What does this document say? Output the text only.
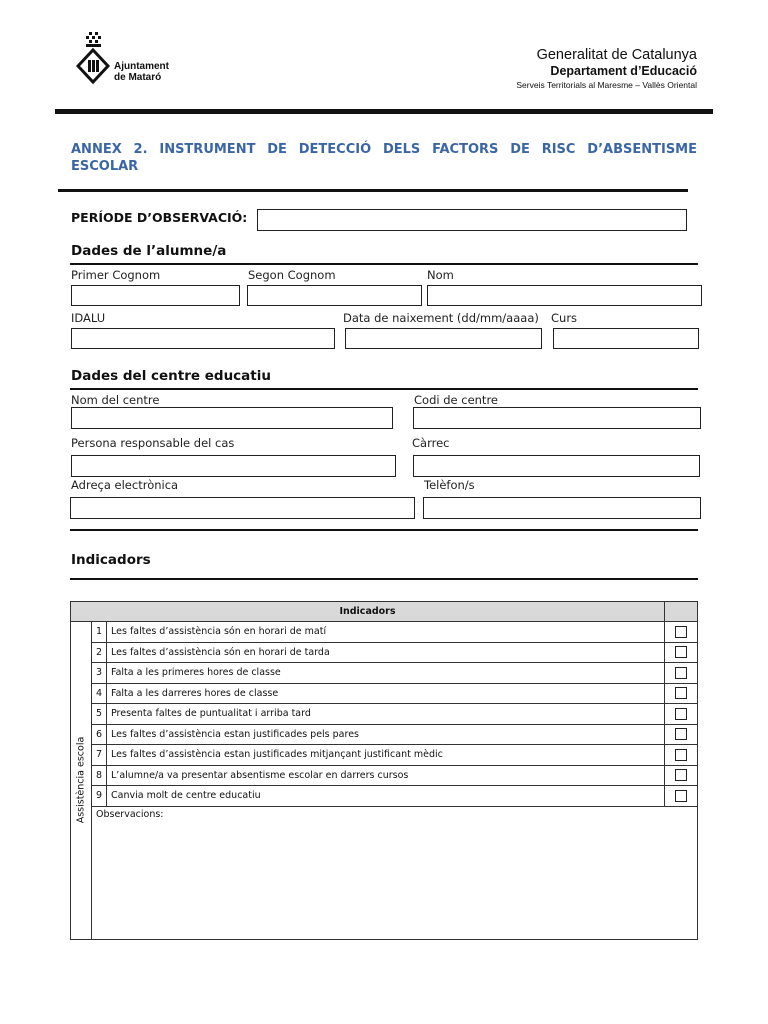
Ajuntament
de Mataró
Generalitat de Catalunya
Departament d’Educació
Serveis Territorials al Maresme – Vallès Oriental
ANNEX 2. INSTRUMENT DE DETECCIÓ DELS FACTORS DE RISC D’ABSENTISME ESCOLAR
PERÍODE D’OBSERVACIÓ:
Dades de l’alumne/a
Primer Cognom	Segon Cognom	Nom
IDALU	Data de naixement (dd/mm/aaaa) Curs
Dades del centre educatiu
Nom del centre	Codi de centre
Persona responsable del cas	Càrrec
Adreça electrònica	Telèfon/s
Indicadors
Indicadors			

Assistència escola	1	Les faltes d’assistència són en horari de matí	
	2	Les faltes d’assistència són en horari de tarda	
	3	Falta a les primeres hores de classe	
	4	Falta a les darreres hores de classe	
	5	Presenta faltes de puntualitat i arriba tard	
	6	Les faltes d’assistència estan justificades pels pares	
	7	Les faltes d’assistència estan justificades mitjançant justificant mèdic	
	8	L’alumne/a va presentar absentisme escolar en darrers cursos	
	9	Canvia molt de centre educatiu	
	Observacions:		
